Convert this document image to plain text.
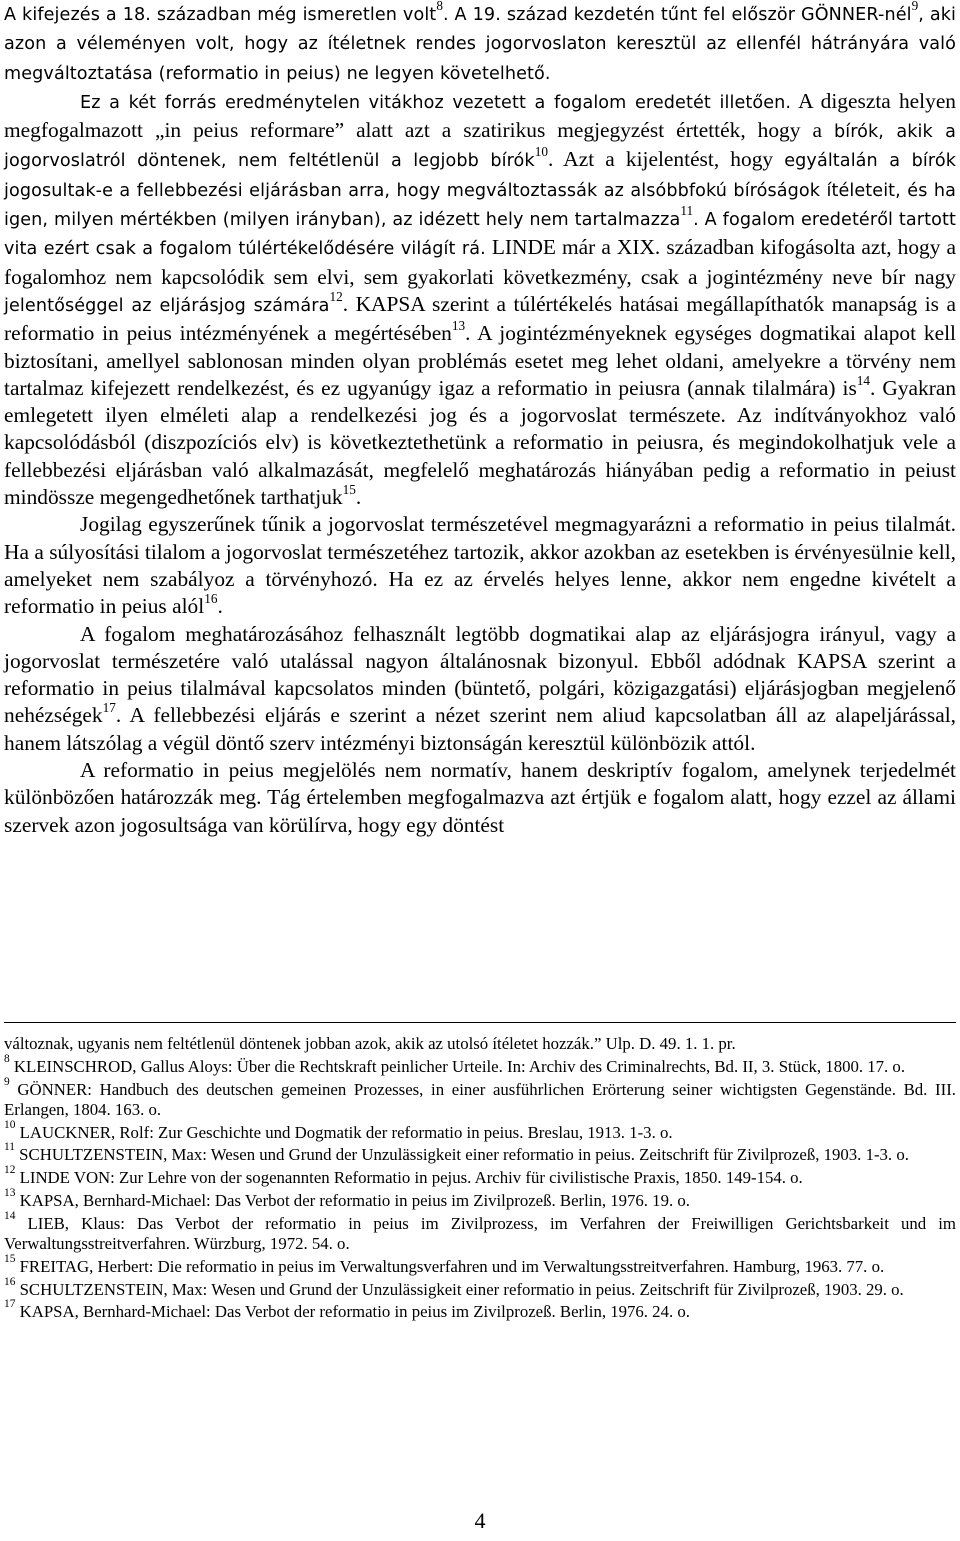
A kifejezés a 18. században még ismeretlen volt$^8$. A 19. század kezdetén tűnt fel először GÖNNER-nél$^9$, aki azon a véleményen volt, hogy az ítéletnek rendes jogorvoslaton keresztül az ellenfél hátrányára való megváltoztatása (reformatio in peius) ne legyen követelhető.

Ez a két forrás eredménytelen vitákhoz vezetett a fogalom eredetét illetően. A digeszta helyen megfogalmazott „in peius reformare” alatt azt a szatirikus megjegyzést értették, hogy a bírók, akik a jogorvoslatról döntenek, nem feltétlenül a legjobb bírók$^{10}$. Azt a kijelentést, hogy egyáltalán a bírók jogosultak-e a fellebbezési eljárásban arra, hogy megváltoztassák az alsóbbfokú bíróságok ítéleteit, és ha igen, milyen mértékben (milyen irányban), az idézett hely nem tartalmazza$^{11}$. A fogalom eredetéről tartott vita ezért csak a fogalom túlértékelődésére világít rá. LINDE már a XIX. században kifogásolta azt, hogy a fogalomhoz nem kapcsolódik sem elvi, sem gyakorlati következmény, csak a jogintézmény neve bír nagy jelentőséggel az eljárásjog számára$^{12}$. KAPSA szerint a túlértékelés hatásai megállapíthatók manapság is a reformatio in peius intézményének a megértésében$^{13}$. A jogintézményeknek egységes dogmatikai alapot kell biztosítani, amellyel sablonosan minden olyan problémás esetet meg lehet oldani, amelyekre a törvény nem tartalmaz kifejezett rendelkezést, és ez ugyanúgy igaz a reformatio in peiusra (annak tilalmára) $is^{14}$. Gyakran emlegetett ilyen elméleti alap a rendelkezési jog és a jogorvoslat természete. Az indítványokhoz való kapcsolódásból (diszpozíciós elv) is következtethetünk a reformatio in peiusra, és megindokolhatjuk vele a fellebbezési eljárásban való alkalmazását, megfelelő meghatározás hiányában pedig a reformatio in peiust mindössze megengedhetőnek tarthatjuk$^{15}$.

Jogilag egyszerűnek tűnik a jogorvoslat természetével megmagyarázni a reformatio in peius tilalmát. Ha a súlyosítási tilalom a jogorvoslat természetéhez tartozik, akkor azokban az esetekben is érvényesülnie kell, amelyeket nem szabályoz a törvényhozó. Ha ez az érvelés helyes lenne, akkor nem engedne kivételt a reformatio in peius alól$^{16}$.

A fogalom meghatározásához felhasznált legtöbb dogmatikai alap az eljárásjogra irányul, vagy a jogorvoslat természetére való utalással nagyon általánosnak bizonyul. Ebből adódnak KAPSA szerint a reformatio in peius tilalmával kapcsolatos minden (büntető, polgári, közigazgatási) eljárásjogban megjelenő nehézségek$^{17}$. A fellebbezési eljárás e szerint a nézet szerint nem aliud kapcsolatban áll az alapeljárással, hanem látszólag a végül döntő szerv intézményi biztonságán keresztül különbözik attól.

A reformatio in peius megjelölés nem normatív, hanem deskriptív fogalom, amelynek terjedelmét különbözően határozzák meg. Tág értelemben megfogalmazva azt értjük e fogalom alatt, hogy ezzel az állami szervek azon jogosultsága van körülírva, hogy egy döntést

változnak, ugyanis nem feltétlenül döntenek jobban azok, akik az utolsó ítéletet hozzák.” Ulp. D. 49. 1. 1. pr.

$^8$ KLEINSCHROD, Gallus Aloys: Über die Rechtskraft peinlicher Urteile. In: Archiv des Criminalrechts, Bd. II, 3. Stück, 1800. 17. o.

$^9$ GÖNNER: Handbuch des deutschen gemeinen Prozesses, in einer ausführlichen Erörterung seiner wichtigsten Gegenstände. Bd. III. Erlangen, 1804. 163. o.

$^{10}$ LAUCKNER, Rolf: Zur Geschichte und Dogmatik der reformatio in peius. Breslau, 1913. 1-3. o.

$^{11}$ SCHULTZENSTEIN, Max: Wesen und Grund der Unzulässigkeit einer reformatio in peius. Zeitschrift für Zivilprozeß, 1903. 1-3. o.

$^{12}$ LINDE VON: Zur Lehre von der sogenannten Reformatio in pejus. Archiv für civilistische Praxis, 1850. 149-154. o.

$^{13}$ KAPSA, Bernhard-Michael: Das Verbot der reformatio in peius im Zivilprozeß. Berlin, 1976. 19. o.

$^{14}$ LIEB, Klaus: Das Verbot der reformatio in peius im Zivilprozess, im Verfahren der Freiwilligen Gerichtsbarkeit und im Verwaltungsstreitverfahren. Würzburg, 1972. 54. o.

$^{15}$ FREITAG, Herbert: Die reformatio in peius im Verwaltungsverfahren und im Verwaltungsstreitverfahren. Hamburg, 1963. 77. o.

$^{16}$ SCHULTZENSTEIN, Max: Wesen und Grund der Unzulässigkeit einer reformatio in peius. Zeitschrift für Zivilprozeß, 1903. 29. o.

$^{17}$ KAPSA, Bernhard-Michael: Das Verbot der reformatio in peius im Zivilprozeß. Berlin, 1976. 24. o.

4
